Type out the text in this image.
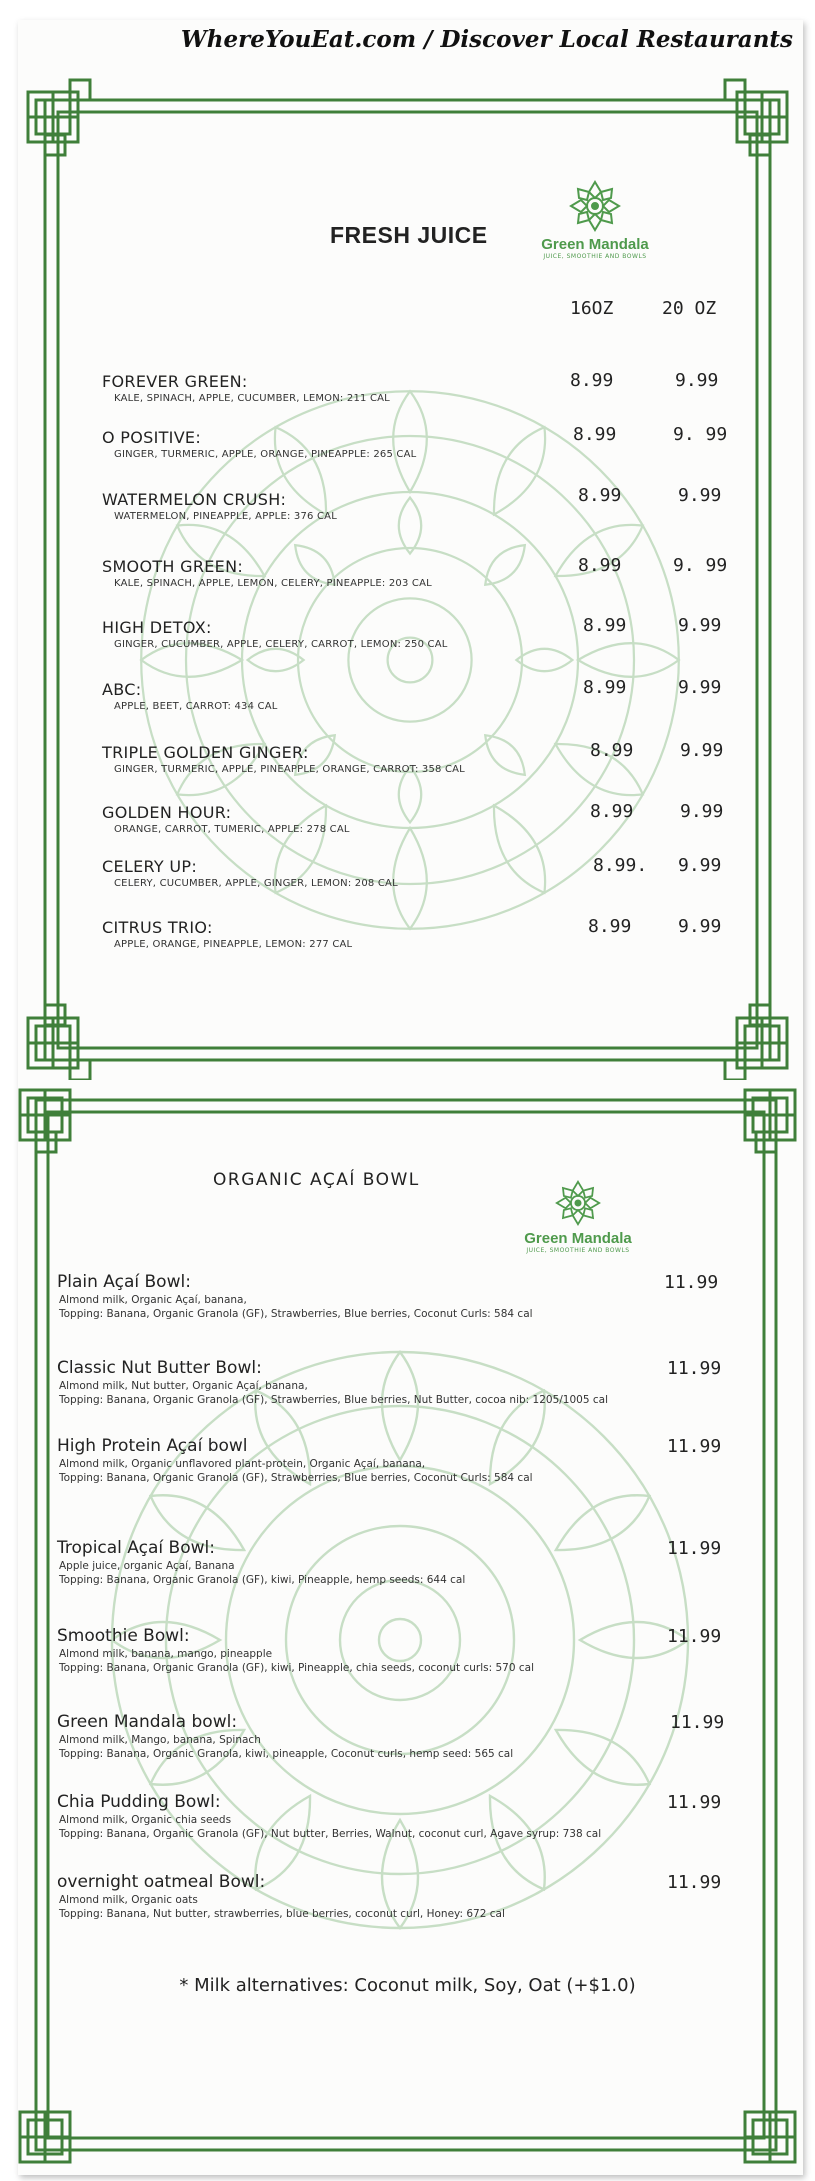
WhereYouEat.com / Discover Local Restaurants
FRESH JUICE	Green Mandala
JUICE, SMOOTHIE AND BOWLS
16OZ	20 OZ
FOREVER GREEN:
KALE, SPINACH, APPLE, CUCUMBER, LEMON: 211 CAL
8.99	9.99
O POSITIVE:
GINGER, TURMERIC, APPLE, ORANGE, PINEAPPLE: 265 CAL
8.99	9. 99
WATERMELON CRUSH:
WATERMELON, PINEAPPLE, APPLE: 376 CAL
8.99	9.99
SMOOTH GREEN:
KALE, SPINACH, APPLE, LEMON, CELERY, PINEAPPLE: 203 CAL
8.99	9. 99
HIGH DETOX:
GINGER, CUCUMBER, APPLE, CELERY, CARROT, LEMON: 250 CAL
8.99	9.99
ABC:
APPLE, BEET, CARROT: 434 CAL
8.99	9.99
TRIPLE GOLDEN GINGER:
GINGER, TURMERIC, APPLE, PINEAPPLE, ORANGE, CARROT: 358 CAL
8.99	9.99
GOLDEN HOUR:
ORANGE, CARROT, TUMERIC, APPLE: 278 CAL
8.99	9.99
CELERY UP:
CELERY, CUCUMBER, APPLE, GINGER, LEMON: 208 CAL
8.99. 9.99
CITRUS TRIO:
APPLE, ORANGE, PINEAPPLE, LEMON: 277 CAL
8.99	9.99
ORGANIC AÇAÍ BOWL
Green Mandala
JUICE, SMOOTHIE AND BOWLS
Plain Açaí Bowl:
Almond milk, Organic Açaí, banana,
Topping: Banana, Organic Granola (GF), Strawberries, Blue berries, Coconut Curls: 584 cal
11.99
Classic Nut Butter Bowl:
Almond milk, Nut butter, Organic Açaí, banana,
Topping: Banana, Organic Granola (GF), Strawberries, Blue berries, Nut Butter, cocoa nib: 1205/1005 cal
11.99
High Protein Açaí bowl
Almond milk, Organic unflavored plant-protein, Organic Açaí, banana,
Topping: Banana, Organic Granola (GF), Strawberries, Blue berries, Coconut Curls: 584 cal
11.99
Tropical Açaí Bowl:
Apple juice, organic Açaí, Banana
Topping: Banana, Organic Granola (GF), kiwi, Pineapple, hemp seeds: 644 cal
11.99
Smoothie Bowl:
Almond milk, banana, mango, pineapple
Topping: Banana, Organic Granola (GF), kiwi, Pineapple, chia seeds, coconut curls: 570 cal
11.99
Green Mandala bowl:
Almond milk, Mango, banana, Spinach
Topping: Banana, Organic Granola, kiwi, pineapple, Coconut curls, hemp seed: 565 cal
11.99
Chia Pudding Bowl:
Almond milk, Organic chia seeds
Topping: Banana, Organic Granola (GF), Nut butter, Berries, Walnut, coconut curl, Agave syrup: 738 cal
11.99
overnight oatmeal Bowl:
Almond milk, Organic oats
Topping: Banana, Nut butter, strawberries, blue berries, coconut curl, Honey: 672 cal
11.99
* Milk alternatives: Coconut milk, Soy, Oat (+$1.0)
